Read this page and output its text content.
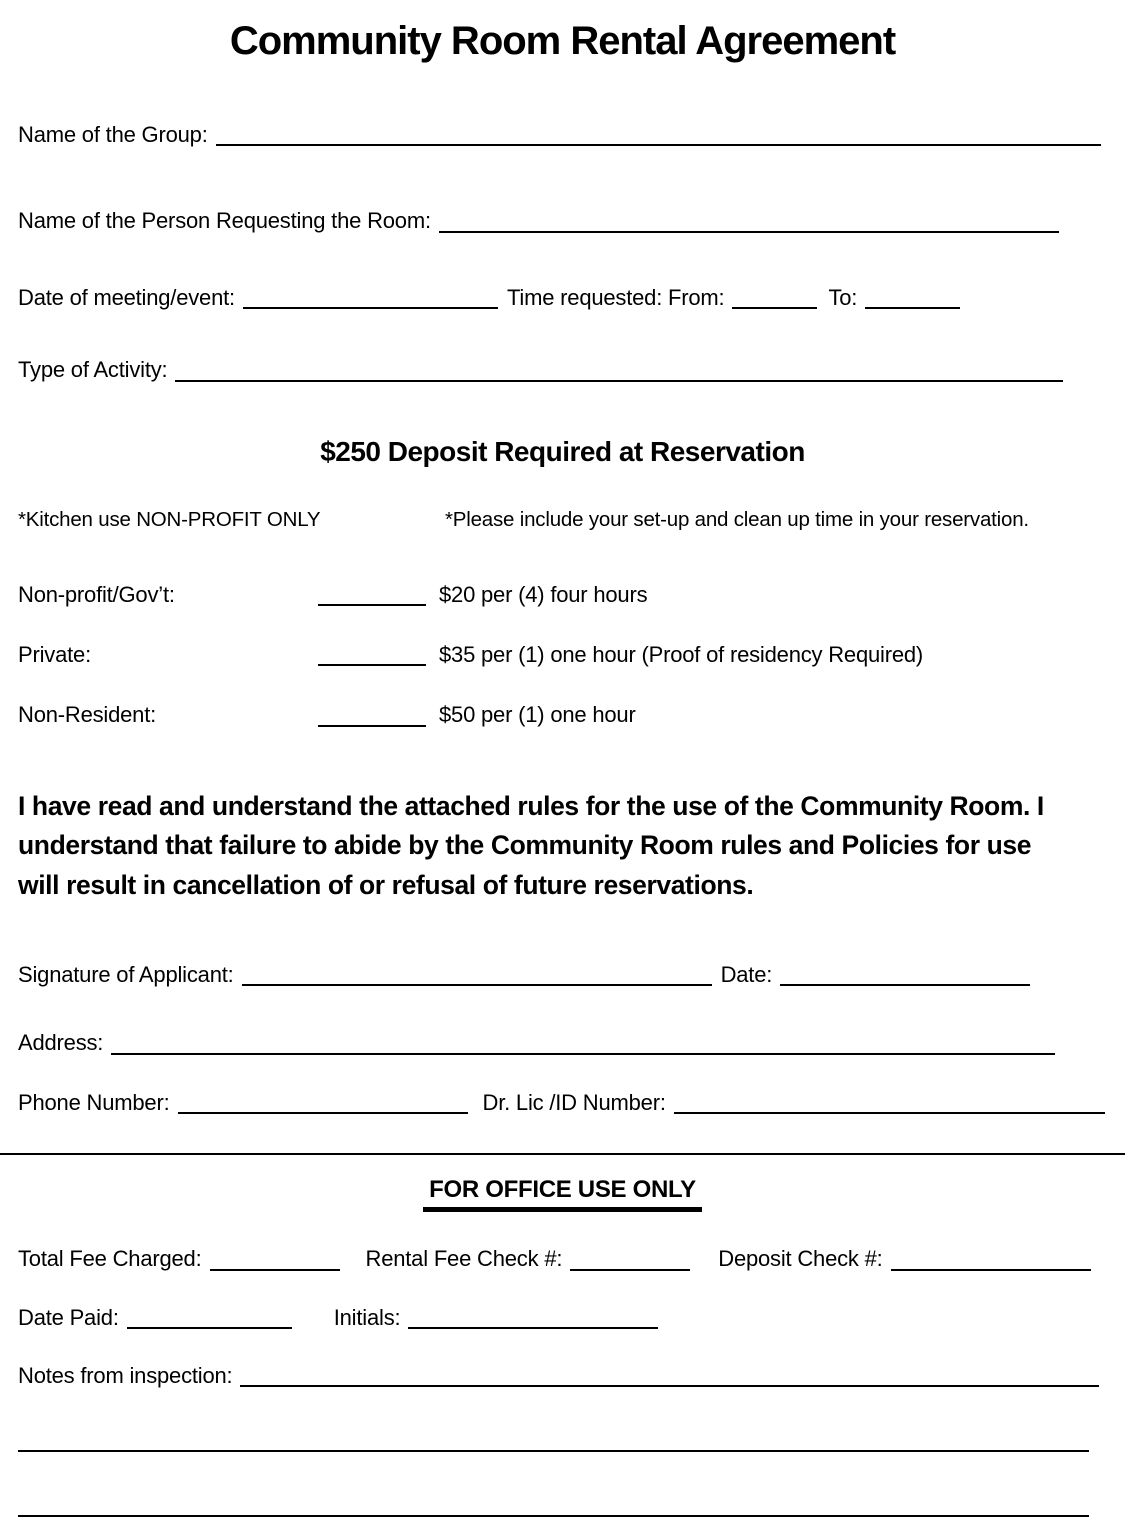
Community Room Rental Agreement
Name of the Group:
Name of the Person Requesting the Room:
Date of meeting/event:	Time requested: From:	To:
Type of Activity:
$250 Deposit Required at Reservation
*Kitchen use NON-PROFIT ONLY	*Please include your set-up and clean up time in your reservation.
Non-profit/Gov’t:	$20 per (4) four hours
Private:	$35 per (1) one hour (Proof of residency Required)
Non-Resident:	$50 per (1) one hour
I have read and understand the attached rules for the use of the Community Room. I understand that failure to abide by the Community Room rules and Policies for use will result in cancellation of or refusal of future reservations.
Signature of Applicant:	Date:
Address:
Phone Number:	Dr. Lic /ID Number:
FOR OFFICE USE ONLY
Total Fee Charged:	Rental Fee Check #:	Deposit Check #:
Date Paid:	Initials:
Notes from inspection:
